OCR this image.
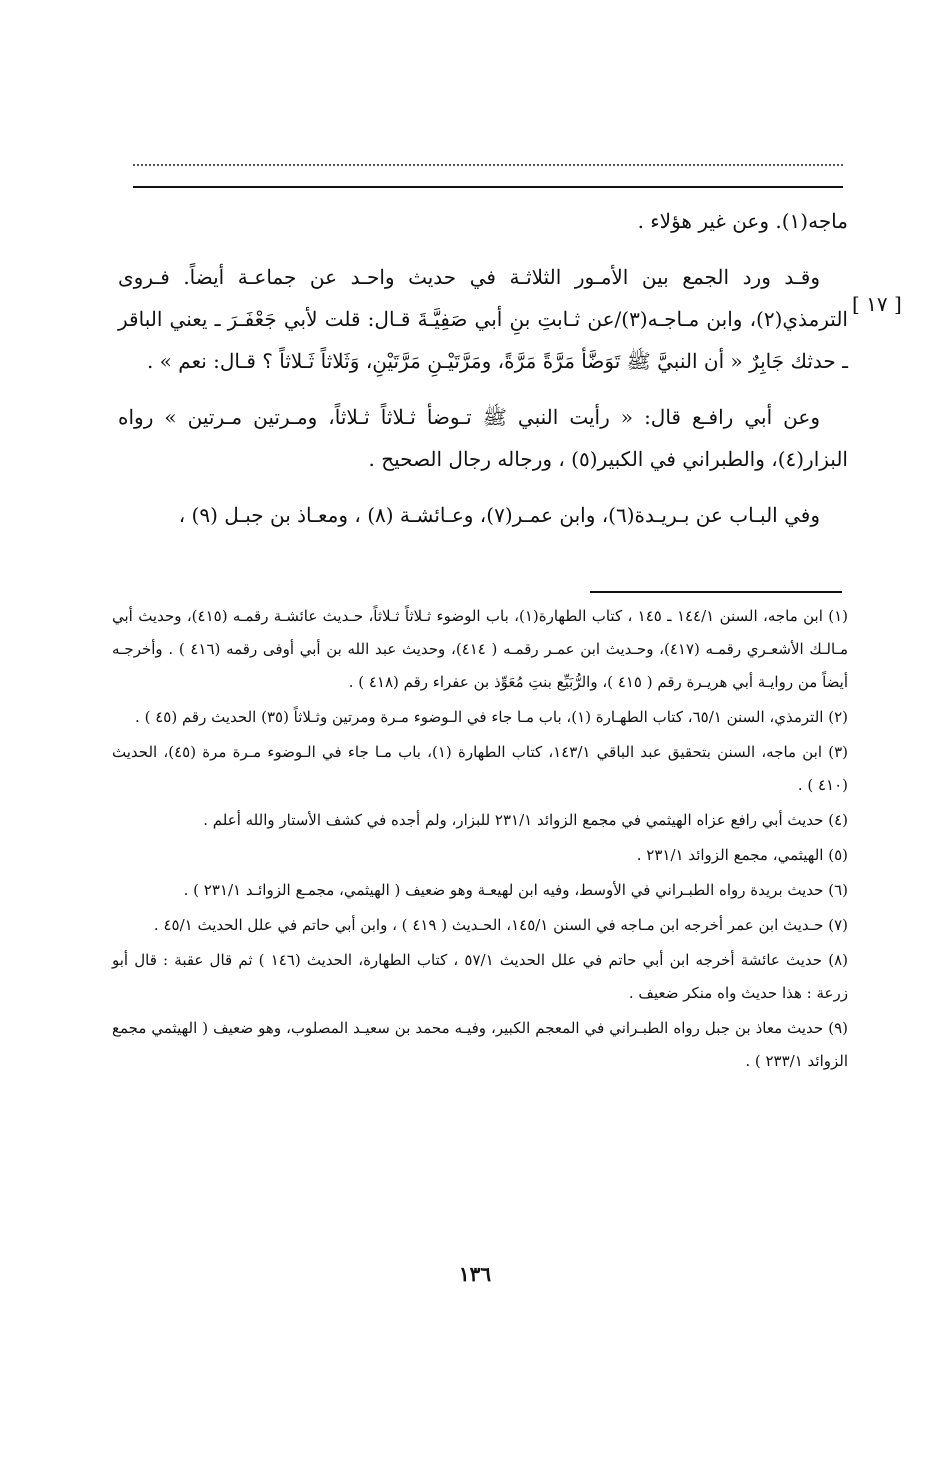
[ ١٧ ]

ماجه(١). وعن غير هؤلاء .

وقـد ورد الجمع بين الأمـور الثلاثـة في حديث واحـد عن جماعـة أيضاً. فـروى الترمذي(٢)، وابن مـاجـه(٣)/عن ثـابتِ بنِ أبي صَفِيَّـةَ قـال: قلت لأبي جَعْفَـرَ ـ يعني الباقر ـ حدثك جَابِرٌ « أن النبيَّ ﷺ تَوَضَّأ مَرَّةً مَرَّةً، ومَرَّتَيْـنِ مَرَّتَيْنِ، وَثَلاثاً ثَـلاثاً ؟ قـال: نعم » .

وعن أبي رافـع قال: « رأيت النبي ﷺ تـوضأ ثـلاثاً ثـلاثاً، ومـرتين مـرتين » رواه البزار(٤)، والطبراني في الكبير(٥) ، ورجاله رجال الصحيح .

وفي البـاب عن بـريـدة(٦)، وابن عمـر(٧)، وعـائشـة (٨) ، ومعـاذ بن جبـل (٩) ،

(١) ابن ماجه، السنن ١٤٤/١ ـ ١٤٥ ، كتاب الطهارة(١)، باب الوضوء ثـلاثاً ثـلاثاً، حـديث عائشـة رقمـه (٤١٥)، وحديث أبي مـالـك الأشعـري رقمـه (٤١٧)، وحـديث ابن عمـر رقمـه ( ٤١٤)، وحديث عبد الله بن أبي أوفى رقمه (٤١٦ ) . وأخرجـه أيضاً من روايـة أبي هريـرة رقم ( ٤١٥ )، والرُّبَيِّع بنتِ مُعَوِّذ بن عفراء رقم (٤١٨ ) .
(٢) الترمذي، السنن ٦٥/١، كتاب الطهـارة (١)، باب مـا جاء في الـوضوء مـرة ومرتين وثـلاثاً (٣٥) الحديث رقم (٤٥ ) .
(٣) ابن ماجه، السنن بتحقيق عبد الباقي ١٤٣/١، كتاب الطهارة (١)، باب مـا جاء في الـوضوء مـرة مرة (٤٥)، الحديث (٤١٠ ) .
(٤) حديث أبي رافع عزاه الهيثمي في مجمع الزوائد ٢٣١/١ للبزار، ولم أجده في كشف الأستار والله أعلم .
(٥) الهيثمي، مجمع الزوائد ٢٣١/١ .
(٦) حديث بريدة رواه الطبـراني في الأوسط، وفيه ابن لهيعـة وهو ضعيف ( الهيثمي، مجمـع الزوائـد ٢٣١/١ ) .
(٧) حـديث ابن عمر أخرجه ابن مـاجه في السنن ١٤٥/١، الحـديث ( ٤١٩ ) ، وابن أبي حاتم في علل الحديث ٤٥/١ .
(٨) حديث عائشة أخرجه ابن أبي حاتم في علل الحديث ٥٧/١ ، كتاب الطهارة، الحديث (١٤٦ ) ثم قال عقبة : قال أبو زرعة : هذا حديث واه منكر ضعيف .
(٩) حديث معاذ بن جبل رواه الطبـراني في المعجم الكبير، وفيـه محمد بن سعيـد المصلوب، وهو ضعيف ( الهيثمي مجمع الزوائد ٢٣٣/١ ) .
١٣٦
